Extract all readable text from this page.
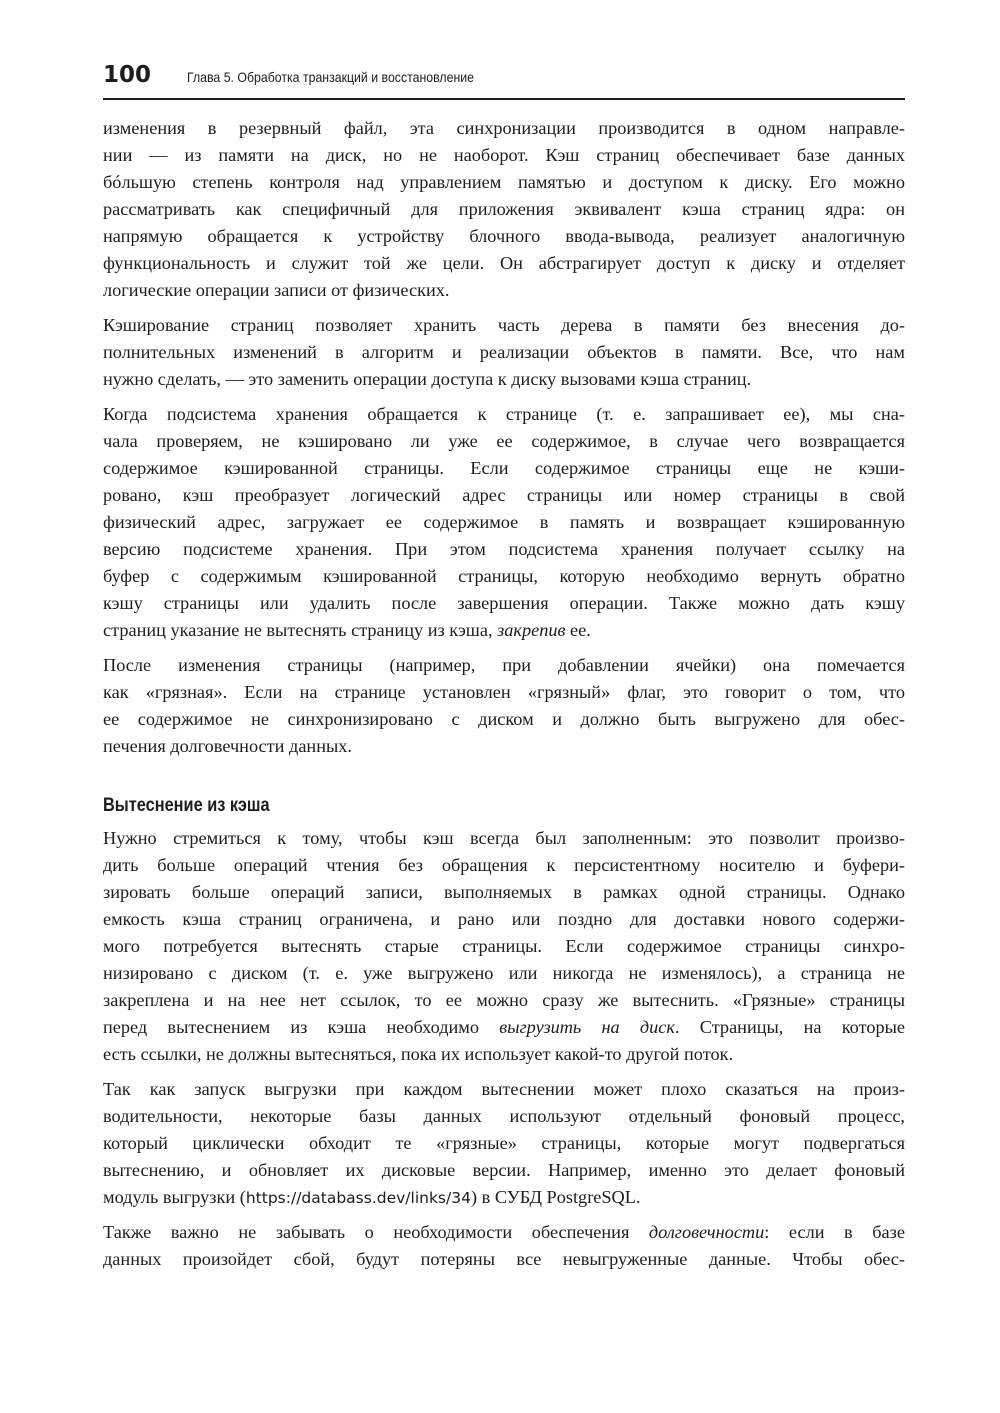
100	Глава 5. Обработка транзакций и восстановление

изменения в резервный файл, эта синхронизации производится в одном направле-
нии — из памяти на диск, но не наоборот. Кэш страниц обеспечивает базе данных
бóльшую степень контроля над управлением памятью и доступом к диску. Его можно
рассматривать как специфичный для приложения эквивалент кэша страниц ядра: он
напрямую обращается к устройству блочного ввода-вывода, реализует аналогичную
функциональность и служит той же цели. Он абстрагирует доступ к диску и отделяет
логические операции записи от физических.

Кэширование страниц позволяет хранить часть дерева в памяти без внесения до-
полнительных изменений в алгоритм и реализации объектов в памяти. Все, что нам
нужно сделать, — это заменить операции доступа к диску вызовами кэша страниц.

Когда подсистема хранения обращается к странице (т. е. запрашивает ее), мы сна-
чала проверяем, не кэшировано ли уже ее содержимое, в случае чего возвращается
содержимое кэшированной страницы. Если содержимое страницы еще не кэши-
ровано, кэш преобразует логический адрес страницы или номер страницы в свой
физический адрес, загружает ее содержимое в память и возвращает кэшированную
версию подсистеме хранения. При этом подсистема хранения получает ссылку на
буфер с содержимым кэшированной страницы, которую необходимо вернуть обратно
кэшу страницы или удалить после завершения операции. Также можно дать кэшу
страниц указание не вытеснять страницу из кэша, закрепив ее.

После изменения страницы (например, при добавлении ячейки) она помечается
как «грязная». Если на странице установлен «грязный» флаг, это говорит о том, что
ее содержимое не синхронизировано с диском и должно быть выгружено для обес-
печения долговечности данных.

Вытеснение из кэша

Нужно стремиться к тому, чтобы кэш всегда был заполненным: это позволит произво-
дить больше операций чтения без обращения к персистентному носителю и буфери-
зировать больше операций записи, выполняемых в рамках одной страницы. Однако
емкость кэша страниц ограничена, и рано или поздно для доставки нового содержи-
мого потребуется вытеснять старые страницы. Если содержимое страницы синхро-
низировано с диском (т. е. уже выгружено или никогда не изменялось), а страница не
закреплена и на нее нет ссылок, то ее можно сразу же вытеснить. «Грязные» страницы
перед вытеснением из кэша необходимо выгрузить на диск. Страницы, на которые
есть ссылки, не должны вытесняться, пока их использует какой-то другой поток.

Так как запуск выгрузки при каждом вытеснении может плохо сказаться на произ-
водительности, некоторые базы данных используют отдельный фоновый процесс,
который циклически обходит те «грязные» страницы, которые могут подвергаться
вытеснению, и обновляет их дисковые версии. Например, именно это делает фоновый
модуль выгрузки (https://databass.dev/links/34) в СУБД PostgreSQL.

Также важно не забывать о необходимости обеспечения долговечности: если в базе
данных произойдет сбой, будут потеряны все невыгруженные данные. Чтобы обес-
